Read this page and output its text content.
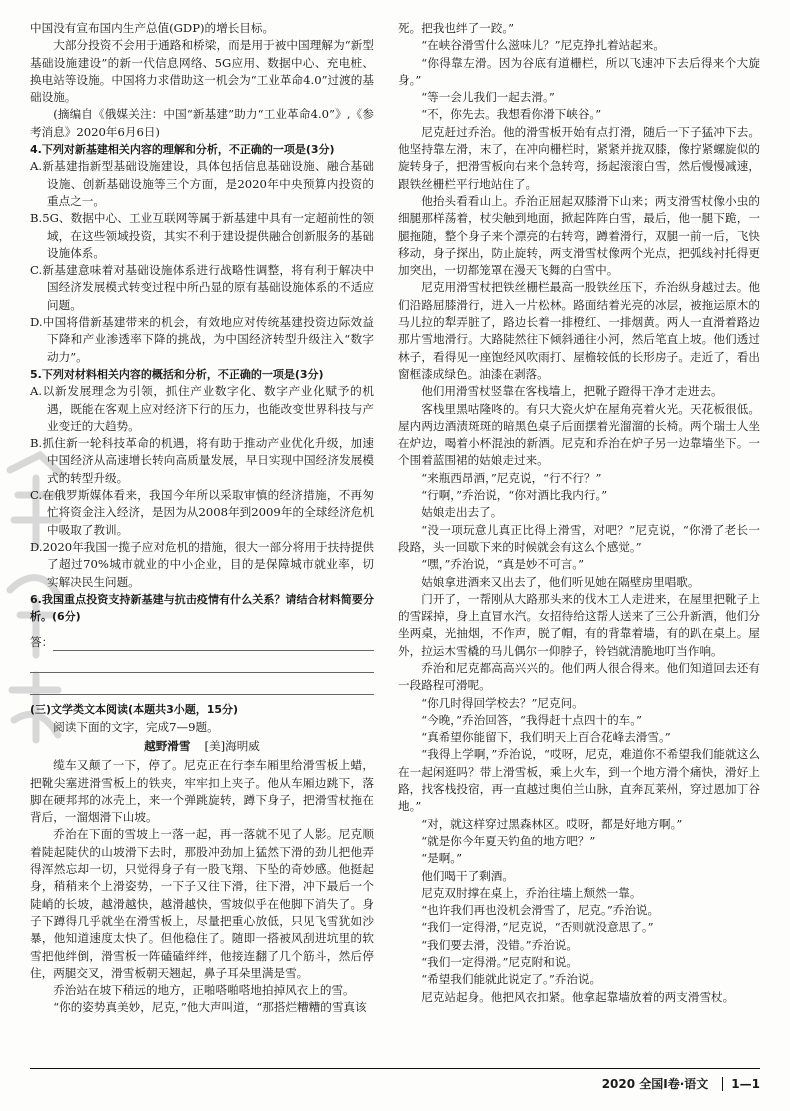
中国没有宣布国内生产总值(GDP)的增长目标。

大部分投资不会用于通路和桥梁，而是用于被中国理解为“新型基础设施建设”的新一代信息网络、5G应用、数据中心、充电桩、换电站等设施。中国将力求借助这一机会为“工业革命4.0”过渡的基础设施。

(摘编自《俄媒关注：中国“新基建”助力“工业革命4.0”》,《参考消息》2020年6月6日)

4.下列对新基建相关内容的理解和分析，不正确的一项是(3分)

A.新基建指新型基础设施建设，具体包括信息基础设施、融合基础设施、创新基础设施等三个方面，是2020年中央预算内投资的重点之一。

B.5G、数据中心、工业互联网等属于新基建中具有一定超前性的领域，在这些领域投资，其实不利于建设提供融合创新服务的基础设施体系。

C.新基建意味着对基础设施体系进行战略性调整，将有利于解决中国经济发展模式转变过程中所凸显的原有基础设施体系的不适应问题。

D.中国将借新基建带来的机会，有效地应对传统基建投资边际效益下降和产业渗透率下降的挑战，为中国经济转型升级注入“数字动力”。

5.下列对材料相关内容的概括和分析，不正确的一项是(3分)

A.以新发展理念为引领，抓住产业数字化、数字产业化赋予的机遇，既能在客观上应对经济下行的压力，也能改变世界科技与产业变迁的大趋势。

B.抓住新一轮科技革命的机遇，将有助于推动产业优化升级，加速中国经济从高速增长转向高质量发展，早日实现中国经济发展模式的转型升级。

C.在俄罗斯媒体看来，我国今年所以采取审慎的经济措施，不再匆忙将资金注入经济，是因为从2008年到2009年的全球经济危机中吸取了教训。

D.2020年我国一揽子应对危机的措施，很大一部分将用于扶持提供了超过70%城市就业的中小企业，目的是保障城市就业率，切实解决民生问题。

6.我国重点投资支持新基建与抗击疫情有什么关系？请结合材料简要分析。(6分)

答：

(三)文学类文本阅读(本题共3小题，15分)

阅读下面的文字，完成7—9题。

越野滑雪 [美]海明威

缆车又颠了一下，停了。尼克正在行李车厢里给滑雪板上蜡，把靴尖塞进滑雪板上的铁夹，牢牢扣上夹子。他从车厢边跳下，落脚在硬邦邦的冰壳上，来一个弹跳旋转，蹲下身子，把滑雪杖拖在背后，一溜烟滑下山坡。

乔治在下面的雪坡上一落一起，再一落就不见了人影。尼克顺着陡起陡伏的山坡滑下去时，那股冲劲加上猛然下滑的劲儿把他弄得浑然忘却一切，只觉得身子有一股飞翔、下坠的奇妙感。他挺起身，稍稍来个上滑姿势，一下子又往下滑，往下滑，冲下最后一个陡峭的长坡，越滑越快，越滑越快，雪坡似乎在他脚下消失了。身子下蹲得几乎就坐在滑雪板上，尽量把重心放低，只见飞雪犹如沙暴，他知道速度太快了。但他稳住了。随即一搭被风刮进坑里的软雪把他绊倒，滑雪板一阵磕磕绊绊，他接连翻了几个筋斗，然后停住，两腿交叉，滑雪板朝天翘起，鼻子耳朵里满是雪。

乔治站在坡下稍远的地方，正啪嗒啪嗒地拍掉风衣上的雪。

“你的姿势真美妙，尼克，”他大声叫道，“那搭烂糟糟的雪真该

死。把我也绊了一跤。”

“在峡谷滑雪什么滋味儿？”尼克挣扎着站起来。

“你得靠左滑。因为谷底有道栅栏，所以飞速冲下去后得来个大旋身。”

“等一会儿我们一起去滑。”

“不，你先去。我想看你滑下峡谷。”

尼克赶过乔治。他的滑雪板开始有点打滑，随后一下子猛冲下去。他坚持靠左滑，末了，在冲向栅栏时，紧紧并拢双膝，像拧紧螺旋似的旋转身子，把滑雪板向右来个急转弯，扬起滚滚白雪，然后慢慢减速，跟铁丝栅栏平行地站住了。

他抬头看看山上。乔治正屈起双膝滑下山来；两支滑雪杖像小虫的细腿那样荡着，杖尖触到地面，掀起阵阵白雪，最后，他一腿下跪，一腿拖随，整个身子来个漂亮的右转弯，蹲着滑行，双腿一前一后，飞快移动，身子探出，防止旋转，两支滑雪杖像两个光点，把弧线衬托得更加突出，一切都笼罩在漫天飞舞的白雪中。

尼克用滑雪杖把铁丝栅栏最高一股铁丝压下，乔治纵身越过去。他们沿路屈膝滑行，进入一片松林。路面结着光亮的冰层，被拖运原木的马儿拉的犁弄脏了，路边长着一排橙红、一排烟黄。两人一直滑着路边那片雪地滑行。大路陡然往下倾斜通往小河，然后笔直上坡。他们透过林子，看得见一座饱经风吹雨打、屋檐较低的长形房子。走近了，看出窗框漆成绿色。油漆在剥落。

他们用滑雪杖竖靠在客栈墙上，把靴子蹬得干净才走进去。

客栈里黑咕隆咚的。有只大瓷火炉在屋角亮着火光。天花板很低。屋内两边酒渍斑斑的暗黑色桌子后面摆着光溜溜的长椅。两个瑞士人坐在炉边，喝着小杯混浊的新酒。尼克和乔治在炉子另一边靠墙坐下。一个围着蓝围裙的姑娘走过来。

“来瓶西昂酒，”尼克说，“行不行？”

“行啊，”乔治说，“你对酒比我内行。”

姑娘走出去了。

“没一项玩意儿真正比得上滑雪，对吧？”尼克说，“你滑了老长一段路，头一回歇下来的时候就会有这么个感觉。”

“嘿，”乔治说，“真是妙不可言。”

姑娘拿进酒来又出去了，他们听见她在隔壁房里唱歌。

门开了，一帮刚从大路那头来的伐木工人走进来，在屋里把靴子上的雪踩掉，身上直冒水汽。女招待给这帮人送来了三公升新酒，他们分坐两桌，光抽烟，不作声，脱了帽，有的背靠着墙，有的趴在桌上。屋外，拉运木雪橇的马儿偶尔一仰脖子，铃铛就清脆地叮当作响。

乔治和尼克都高高兴兴的。他们两人很合得来。他们知道回去还有一段路程可滑呢。

“你几时得回学校去？”尼克问。

“今晚，”乔治回答，“我得赶十点四十的车。”

“真希望你能留下，我们明天上百合花峰去滑雪。”

“我得上学啊，”乔治说，“哎呀，尼克，难道你不希望我们能就这么在一起闲逛吗？带上滑雪板，乘上火车，到一个地方滑个痛快，滑好上路，找客栈投宿，再一直越过奥伯兰山脉，直奔瓦莱州，穿过恩加丁谷地。”

“对，就这样穿过黑森林区。哎呀，都是好地方啊。”

“就是你今年夏天钓鱼的地方吧？”

“是啊。”

他们喝干了剩酒。

尼克双肘撑在桌上，乔治往墙上颓然一靠。

“也许我们再也没机会滑雪了，尼克。”乔治说。

“我们一定得滑，”尼克说，“否则就没意思了。”

“我们要去滑，没错。”乔治说。

“我们一定得滑。”尼克附和说。

“希望我们能就此说定了。”乔治说。

尼克站起身。他把风衣扣紧。他拿起靠墙放着的两支滑雪杖。

2020 全国Ⅰ卷·语文 1—1
